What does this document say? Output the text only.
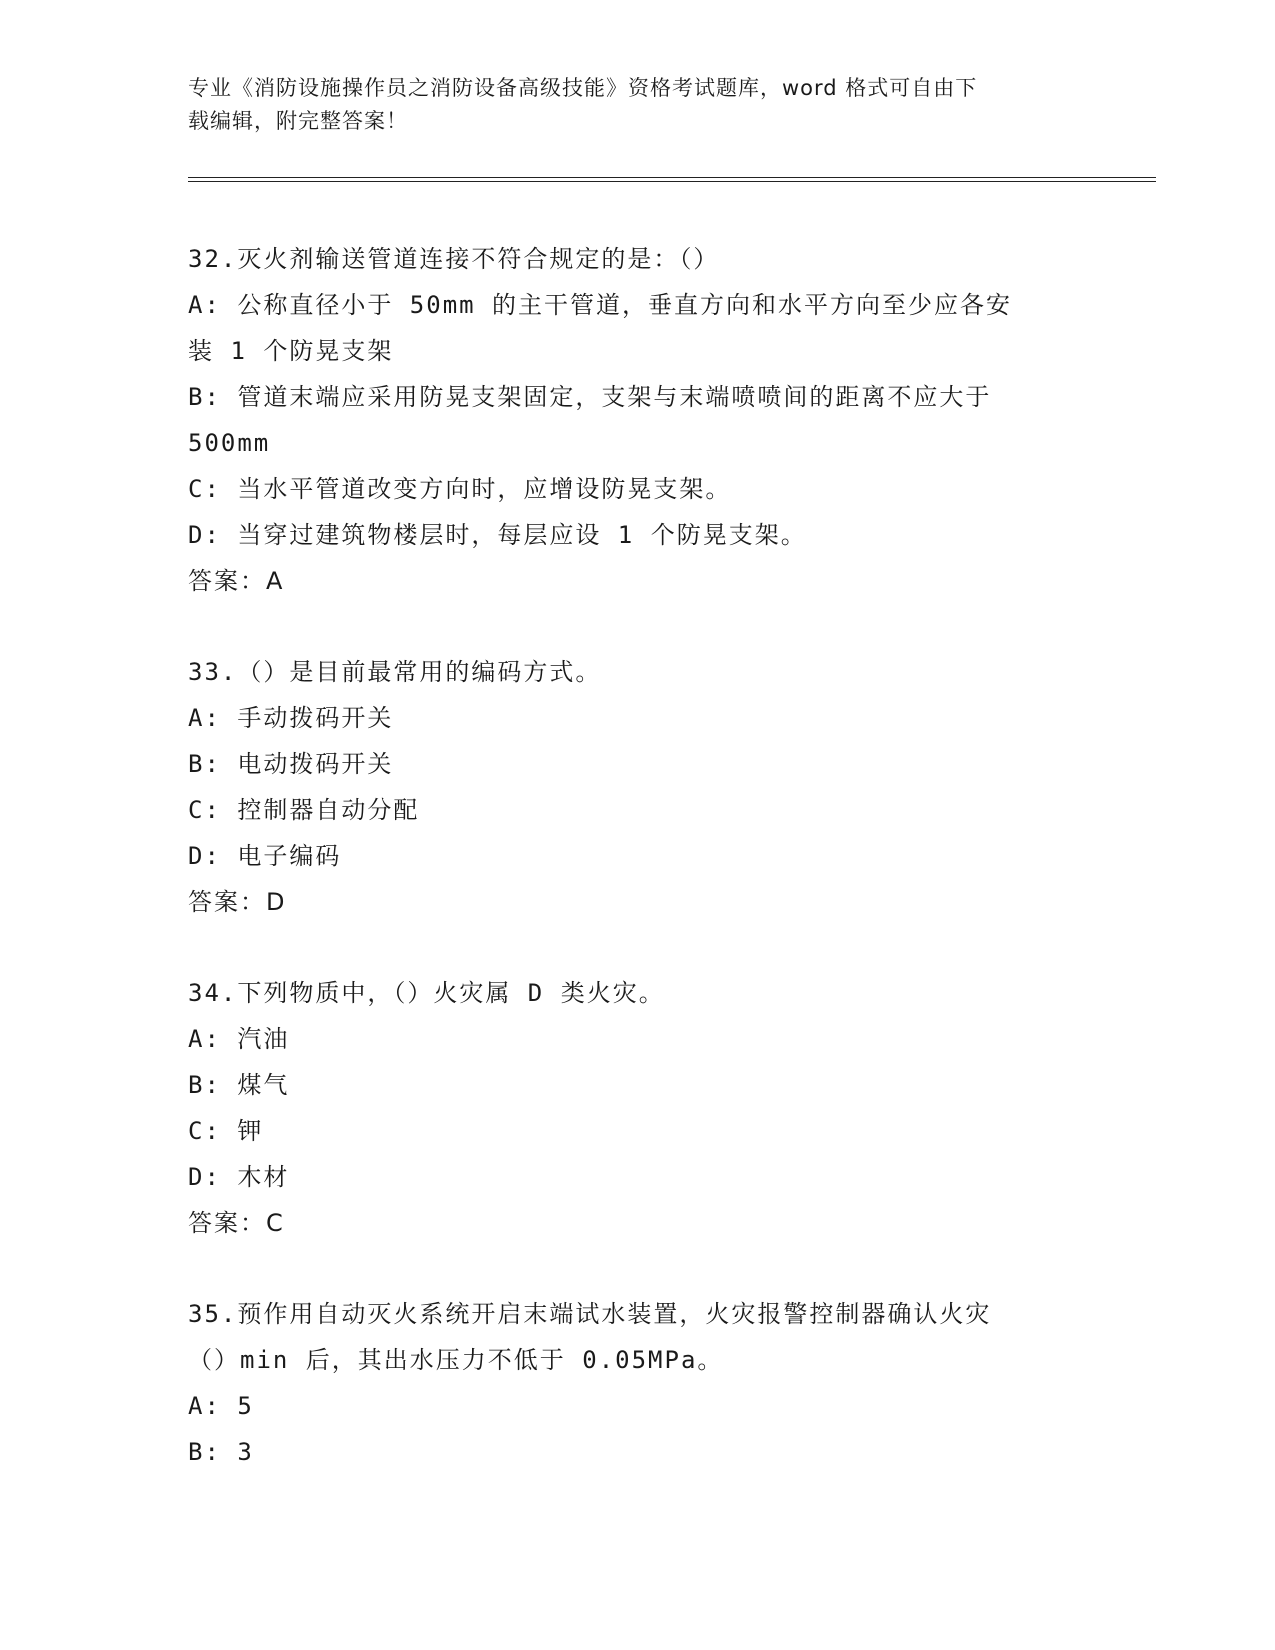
专业《消防设施操作员之消防设备高级技能》资格考试题库，word 格式可自由下
载编辑，附完整答案！
32.灭火剂输送管道连接不符合规定的是：（）
A: 公称直径小于 50mm 的主干管道，垂直方向和水平方向至少应各安
装 1 个防晃支架
B: 管道末端应采用防晃支架固定，支架与末端喷喷间的距离不应大于
500mm
C: 当水平管道改变方向时，应增设防晃支架。
D: 当穿过建筑物楼层时，每层应设 1 个防晃支架。
答案：A
33.（）是目前最常用的编码方式。
A: 手动拨码开关
B: 电动拨码开关
C: 控制器自动分配
D: 电子编码
答案：D
34.下列物质中，（）火灾属 D 类火灾。
A: 汽油
B: 煤气
C: 钾
D: 木材
答案：C
35.预作用自动灭火系统开启末端试水装置，火灾报警控制器确认火灾
（）min 后，其出水压力不低于 0.05MPa。
A: 5
B: 3
